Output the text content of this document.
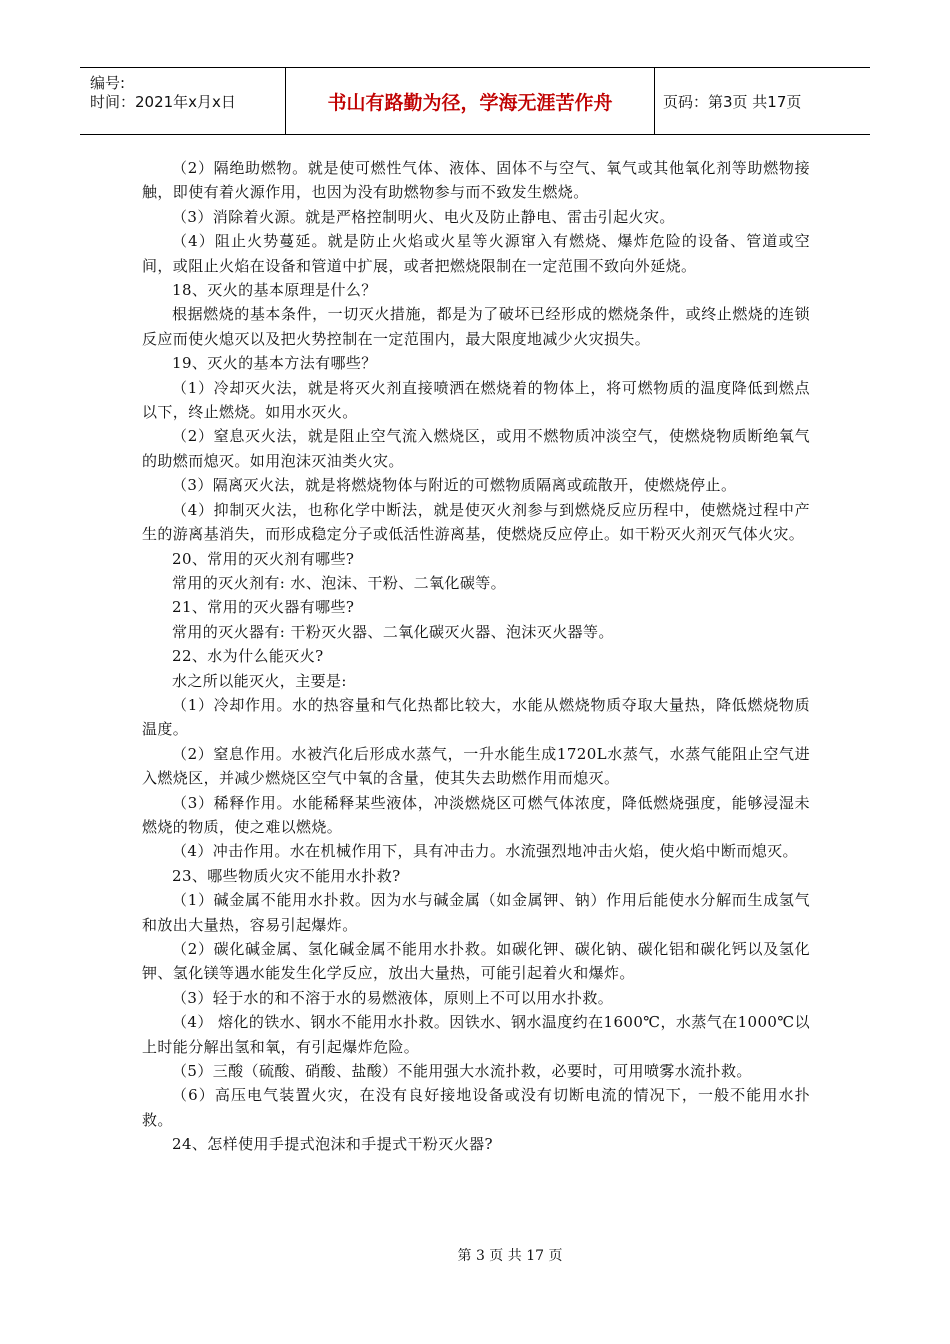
编号:
时间：2021年x月x日	书山有路勤为径，学海无涯苦作舟	页码：第3页 共17页

（2）隔绝助燃物。就是使可燃性气体、液体、固体不与空气、氧气或其他氧化剂等助燃物接触，即使有着火源作用，也因为没有助燃物参与而不致发生燃烧。

（3）消除着火源。就是严格控制明火、电火及防止静电、雷击引起火灾。

（4）阻止火势蔓延。就是防止火焰或火星等火源窜入有燃烧、爆炸危险的设备、管道或空间，或阻止火焰在设备和管道中扩展，或者把燃烧限制在一定范围不致向外延烧。

18、灭火的基本原理是什么？

根据燃烧的基本条件，一切灭火措施，都是为了破坏已经形成的燃烧条件，或终止燃烧的连锁反应而使火熄灭以及把火势控制在一定范围内，最大限度地减少火灾损失。

19、灭火的基本方法有哪些？

（1）冷却灭火法，就是将灭火剂直接喷洒在燃烧着的物体上，将可燃物质的温度降低到燃点以下，终止燃烧。如用水灭火。

（2）窒息灭火法，就是阻止空气流入燃烧区，或用不燃物质冲淡空气，使燃烧物质断绝氧气的助燃而熄灭。如用泡沫灭油类火灾。

（3）隔离灭火法，就是将燃烧物体与附近的可燃物质隔离或疏散开，使燃烧停止。

（4）抑制灭火法，也称化学中断法，就是使灭火剂参与到燃烧反应历程中，使燃烧过程中产生的游离基消失，而形成稳定分子或低活性游离基，使燃烧反应停止。如干粉灭火剂灭气体火灾。

20、常用的灭火剂有哪些?

常用的灭火剂有: 水、泡沫、干粉、二氧化碳等。

21、常用的灭火器有哪些?

常用的灭火器有: 干粉灭火器、二氧化碳灭火器、泡沫灭火器等。

22、水为什么能灭火?

水之所以能灭火，主要是:

（1）冷却作用。水的热容量和气化热都比较大，水能从燃烧物质夺取大量热，降低燃烧物质温度。

（2）窒息作用。水被汽化后形成水蒸气，一升水能生成1720L水蒸气，水蒸气能阻止空气进入燃烧区，并减少燃烧区空气中氧的含量，使其失去助燃作用而熄灭。

（3）稀释作用。水能稀释某些液体，冲淡燃烧区可燃气体浓度，降低燃烧强度，能够浸湿未燃烧的物质，使之难以燃烧。

（4）冲击作用。水在机械作用下，具有冲击力。水流强烈地冲击火焰，使火焰中断而熄灭。

23、哪些物质火灾不能用水扑救?

（1）碱金属不能用水扑救。因为水与碱金属（如金属钾、钠）作用后能使水分解而生成氢气和放出大量热，容易引起爆炸。

（2）碳化碱金属、氢化碱金属不能用水扑救。如碳化钾、碳化钠、碳化铝和碳化钙以及氢化钾、氢化镁等遇水能发生化学反应，放出大量热，可能引起着火和爆炸。

（3）轻于水的和不溶于水的易燃液体，原则上不可以用水扑救。

（4） 熔化的铁水、钢水不能用水扑救。因铁水、钢水温度约在1600℃，水蒸气在1000℃以上时能分解出氢和氧，有引起爆炸危险。

（5）三酸（硫酸、硝酸、盐酸）不能用强大水流扑救，必要时，可用喷雾水流扑救。

（6）高压电气装置火灾，在没有良好接地设备或没有切断电流的情况下，一般不能用水扑救。

24、怎样使用手提式泡沫和手提式干粉灭火器?

第 3 页 共 17 页
